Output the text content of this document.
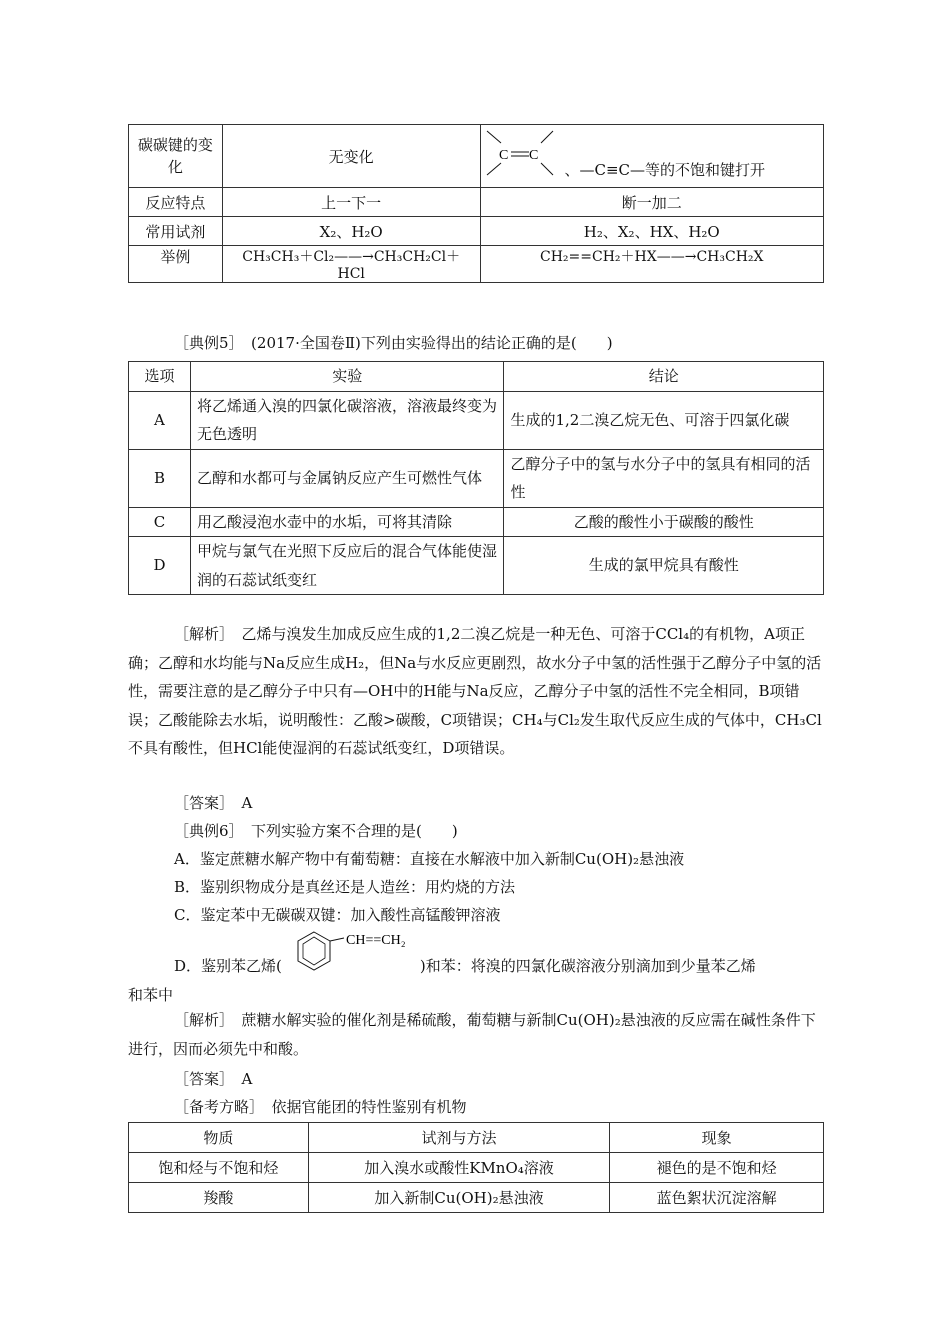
碳碳键的变化	无变化	C C
、—C≡C—等的不饱和键打开

反应特点	上一下一	断一加二
常用试剂	X₂、H₂O	H₂、X₂、HX、H₂O
举例	CH₃CH₃＋Cl₂——→CH₃CH₂Cl＋HCl	CH₂==CH₂＋HX——→CH₃CH₂X
［典例5］　(2017·全国卷Ⅱ)下列由实验得出的结论正确的是(　　)
选项	实验	结论
A	将乙烯通入溴的四氯化碳溶液，溶液最终变为无色透明	生成的1,2二溴乙烷无色、可溶于四氯化碳
B	乙醇和水都可与金属钠反应产生可燃性气体	乙醇分子中的氢与水分子中的氢具有相同的活性
C	用乙酸浸泡水壶中的水垢，可将其清除	乙酸的酸性小于碳酸的酸性
D	甲烷与氯气在光照下反应后的混合气体能使湿润的石蕊试纸变红	生成的氯甲烷具有酸性
［解析］　乙烯与溴发生加成反应生成的1,2二溴乙烷是一种无色、可溶于CCl₄的有机物，A项正确；乙醇和水均能与Na反应生成H₂，但Na与水反应更剧烈，故水分子中氢的活性强于乙醇分子中氢的活性，需要注意的是乙醇分子中只有—OH中的H能与Na反应，乙醇分子中氢的活性不完全相同，B项错误；乙酸能除去水垢，说明酸性：乙酸>碳酸，C项错误；CH₄与Cl₂发生取代反应生成的气体中，CH₃Cl不具有酸性，但HCl能使湿润的石蕊试纸变红，D项错误。
［答案］　A
［典例6］　下列实验方案不合理的是(　　)
A．鉴定蔗糖水解产物中有葡萄糖：直接在水解液中加入新制Cu(OH)₂悬浊液
B．鉴别织物成分是真丝还是人造丝：用灼烧的方法
C．鉴定苯中无碳碳双键：加入酸性高锰酸钾溶液
D．鉴别苯乙烯(	)和苯：将溴的四氯化碳溶液分别滴加到少量苯乙烯
CH==CH₂
和苯中
［解析］　蔗糖水解实验的催化剂是稀硫酸，葡萄糖与新制Cu(OH)₂悬浊液的反应需在碱性条件下进行，因而必须先中和酸。
［答案］　A
［备考方略］　依据官能团的特性鉴别有机物
物质	试剂与方法	现象
饱和烃与不饱和烃	加入溴水或酸性KMnO₄溶液	褪色的是不饱和烃
羧酸	加入新制Cu(OH)₂悬浊液	蓝色絮状沉淀溶解
